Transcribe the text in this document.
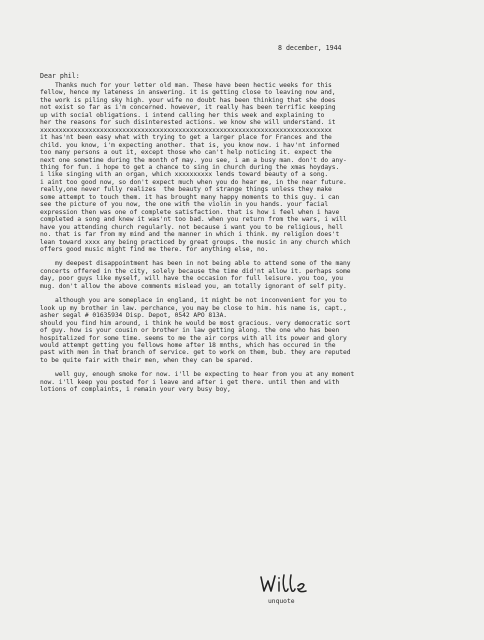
8 december, 1944
Dear phil:
Thanks much for your letter old man. These have been hectic weeks for this
fellow, hence my lateness in answering. it is getting close to leaving now and,
the work is piling sky high. your wife no doubt has been thinking that she does
not exist so far as i'm concerned. however, it really has been terrific keeping
up with social obligations. i intend calling her this week and explaining to
her the reasons for such disinterested actions. we know she will understand. it
xxxxxxxxxxxxxxxxxxxxxxxxxxxxxxxxxxxxxxxxxxxxxxxxxxxxxxxxxxxxxxxxxxxxxxxxxxxxxx
it has'nt been easy what with trying to get a larger place for Frances and the
child. you know, i'm expecting another. that is, you know now. i hav'nt informed
too many persons a out it, except those who can't help noticing it. expect the
next one sometime during the month of may. you see, i am a busy man. don't do any-
thing for fun. i hope to get a chance to sing in church during the xmas hoydays.
i like singing with an organ, which xxxxxxxxxx lends toward beauty of a song.
i aint too good now, so don't expect much when you do hear me, in the near future.
really,one never fully realizes  the beauty of strange things unless they make
some attempt to touch them. it has brought many happy moments to this guy. i can
see the picture of you now, the one with the violin in you hands. your facial
expression then was one of complete satisfaction. that is how i feel when i have
completed a song and knew it was'nt too bad. when you return from the wars, i will
have you attending church regularly. not because i want you to be religious, hell
no. that is far from my mind and the manner in which i think. my religion does't
lean toward xxxx any being practiced by great groups. the music in any church which
offers good music might find me there. for anything else, no.
my deepest disappointment has been in not being able to attend some of the many
concerts offered in the city, solely because the time did'nt allow it. perhaps some
day, poor guys like myself, will have the occasion for full leisure. you too, you
mug. don't allow the above comments mislead you, am totally ignorant of self pity.
although you are someplace in england, it might be not inconvenient for you to
look up my brother in law. perchance, you may be close to him. his name is, capt.,
asher segal # 01635934 Disp. Depot, 0542 APO 813A.
should you find him around, i think he would be most gracious. very democratic sort
of guy. how is your cousin or brother in law getting along. the one who has been
hospitalized for some time. seems to me the air corps with all its power and glory
would attempt getting you fellows home after 18 mnths, which has occured in the
past with men in that branch of service. get to work on them, bub. they are reputed
to be quite fair with their men, when they can be spared.
well guy, enough smoke for now. i'll be expecting to hear from you at any moment
now. i'll keep you posted for i leave and after i get there. until then and with
lotions of complaints, i remain your very busy boy,
unquote
